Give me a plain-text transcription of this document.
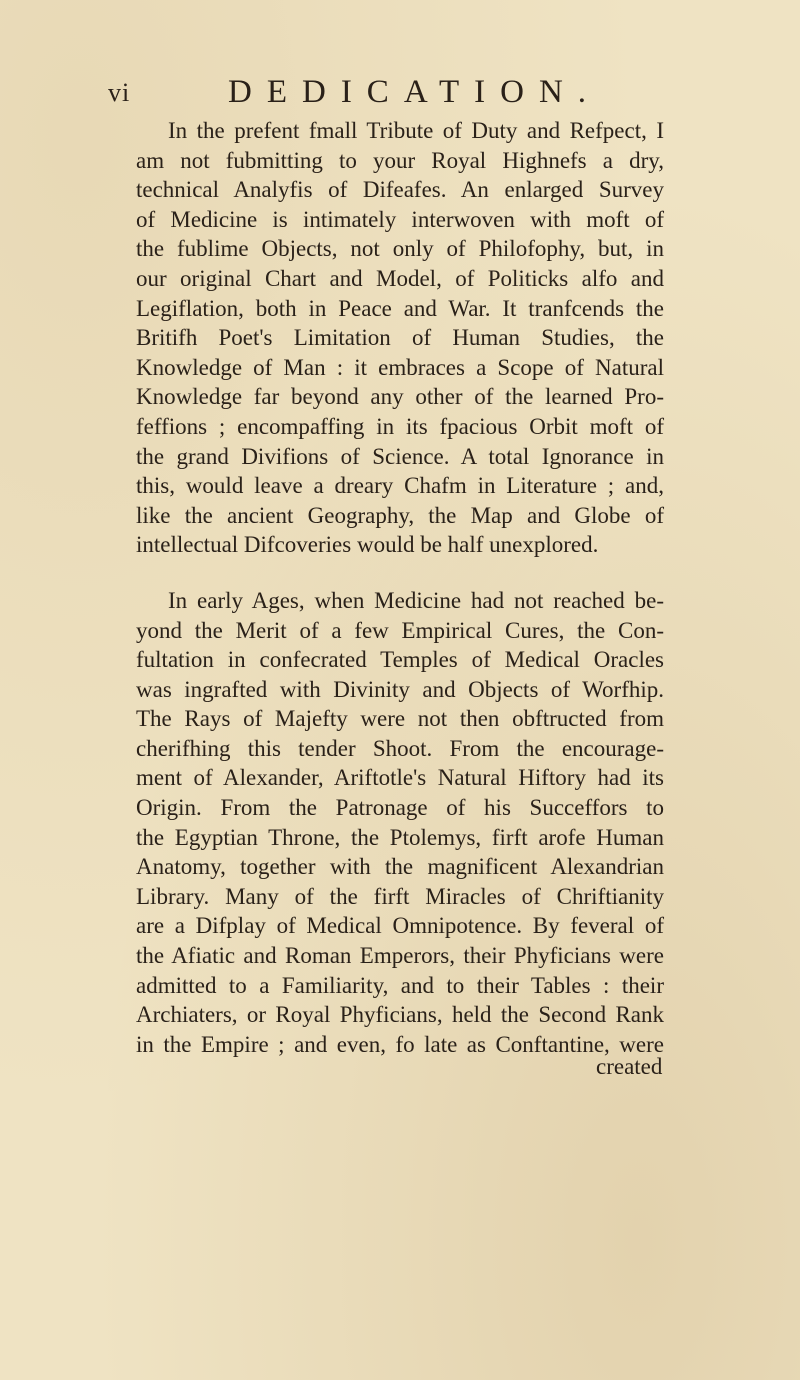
vi	DEDICATION.
In the prefent fmall Tribute of Duty and Refpect, I
am not fubmitting to your Royal Highnefs a dry,
technical Analyfis of Difeafes. An enlarged Survey
of Medicine is intimately interwoven with moft of
the fublime Objects, not only of Philofophy, but, in
our original Chart and Model, of Politicks alfo and
Legiflation, both in Peace and War. It tranfcends the
Britifh Poet's Limitation of Human Studies, the
Knowledge of Man : it embraces a Scope of Natural
Knowledge far beyond any other of the learned Pro-
feffions ; encompaffing in its fpacious Orbit moft of
the grand Divifions of Science. A total Ignorance in
this, would leave a dreary Chafm in Literature ; and,
like the ancient Geography, the Map and Globe of
intellectual Difcoveries would be half unexplored.
In early Ages, when Medicine had not reached be-
yond the Merit of a few Empirical Cures, the Con-
fultation in confecrated Temples of Medical Oracles
was ingrafted with Divinity and Objects of Worfhip.
The Rays of Majefty were not then obftructed from
cherifhing this tender Shoot. From the encourage-
ment of Alexander, Ariftotle's Natural Hiftory had its
Origin. From the Patronage of his Succeffors to
the Egyptian Throne, the Ptolemys, firft arofe Human
Anatomy, together with the magnificent Alexandrian
Library. Many of the firft Miracles of Chriftianity
are a Difplay of Medical Omnipotence. By feveral of
the Afiatic and Roman Emperors, their Phyficians were
admitted to a Familiarity, and to their Tables : their
Archiaters, or Royal Phyficians, held the Second Rank
in the Empire ; and even, fo late as Conftantine, were
created
